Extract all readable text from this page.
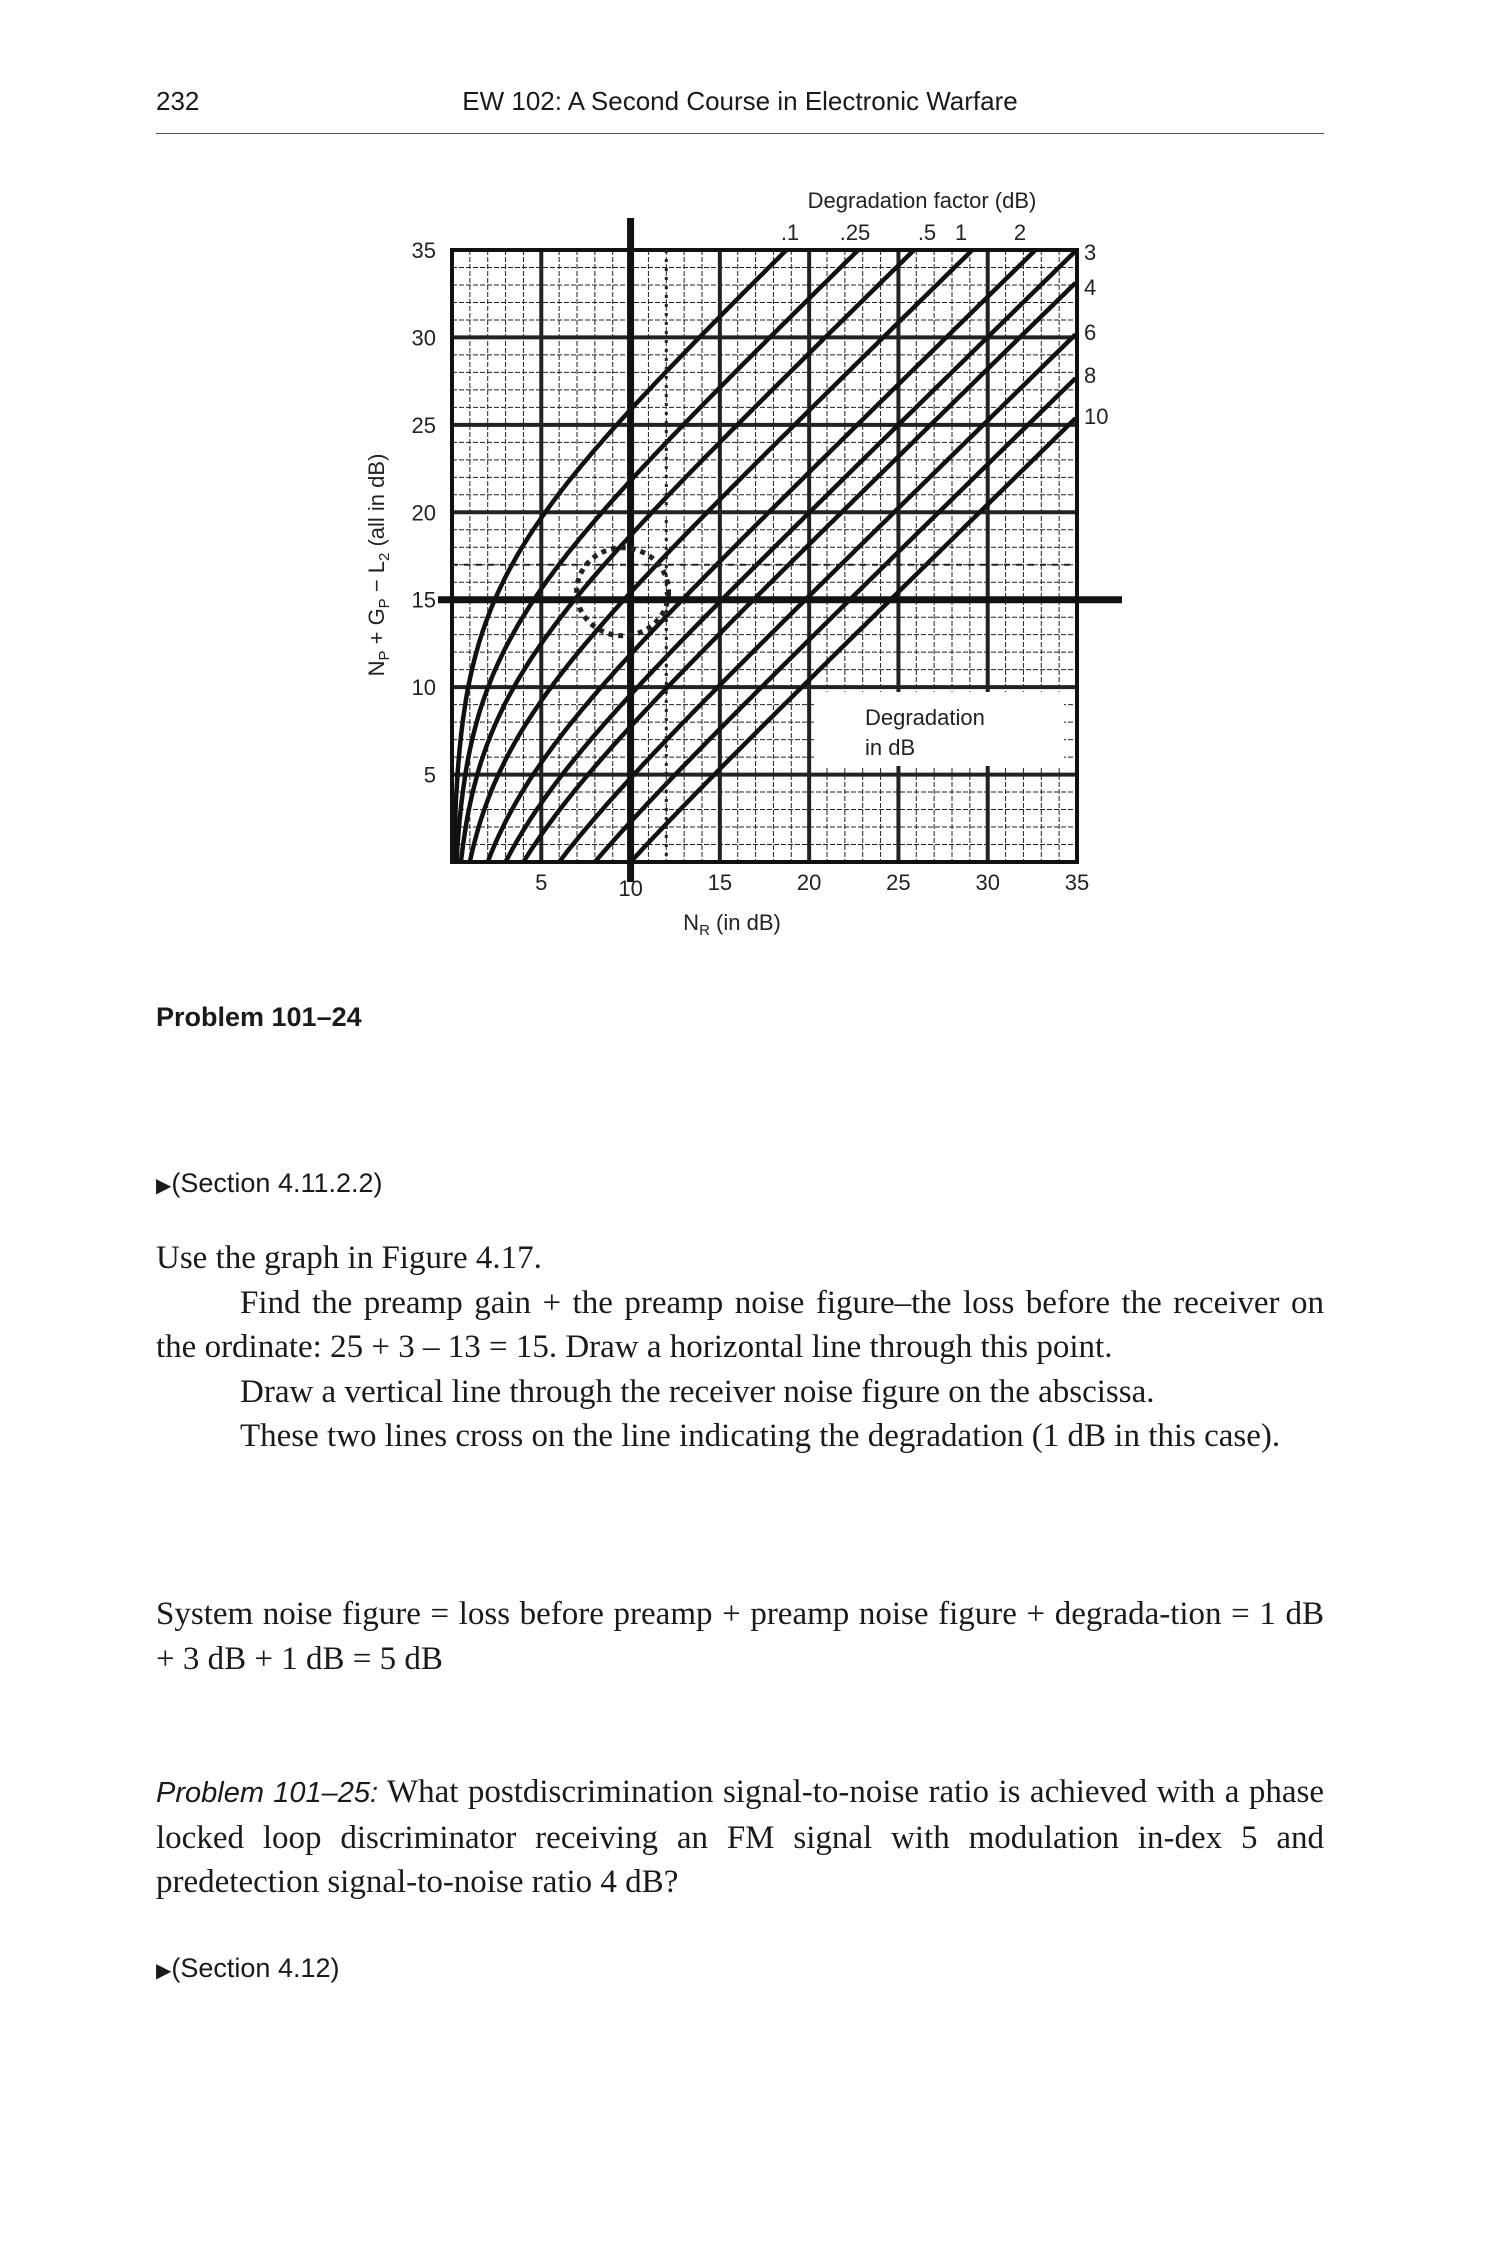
232	EW 102: A Second Course in Electronic Warfare
5	10	15	20	25	30	35
5
10
15
20
25
30
35
Degradation factor (dB)
.1 .25 .5 1 2
3
4
6
8
10
Degradation
in dB
$N_R$ (in dB)
$N_P + G_P - L_2$ (all in dB)
Problem 101–24
▶(Section 4.11.2.2)

Use the graph in Figure 4.17.

Find the preamp gain + the preamp noise figure–the loss before the receiver on the ordinate: 25 + 3 – 13 = 15. Draw a horizontal line through this point.

Draw a vertical line through the receiver noise figure on the abscissa.

These two lines cross on the line indicating the degradation (1 dB in this case).

System noise figure = loss before preamp + preamp noise figure + degrada-tion = 1 dB + 3 dB + 1 dB = 5 dB
Problem 101–25: What postdiscrimination signal-to-noise ratio is achieved with a phase locked loop discriminator receiving an FM signal with modulation in-dex 5 and predetection signal-to-noise ratio 4 dB?
▶(Section 4.12)
